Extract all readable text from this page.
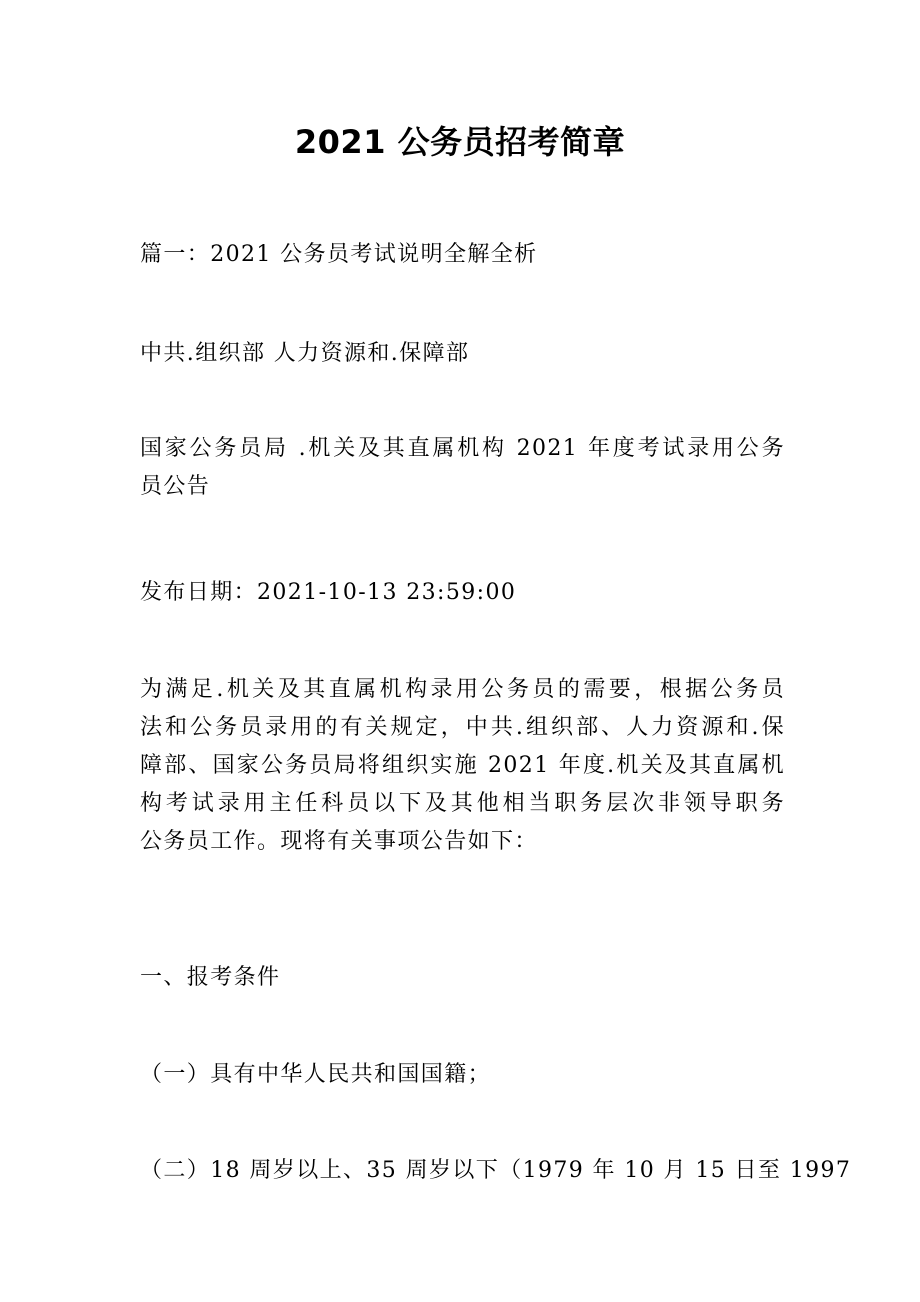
2021 公务员招考简章
篇一：2021 公务员考试说明全解全析
中共.组织部 人力资源和.保障部
国家公务员局 .机关及其直属机构 2021 年度考试录用公务
员公告
发布日期：2021-10-13 23:59:00
为满足.机关及其直属机构录用公务员的需要，根据公务员
法和公务员录用的有关规定，中共.组织部、人力资源和.保
障部、国家公务员局将组织实施 2021 年度.机关及其直属机
构考试录用主任科员以下及其他相当职务层次非领导职务
公务员工作。现将有关事项公告如下：
一、报考条件
（一）具有中华人民共和国国籍；
（二）18 周岁以上、35 周岁以下（1979 年 10 月 15 日至 1997
